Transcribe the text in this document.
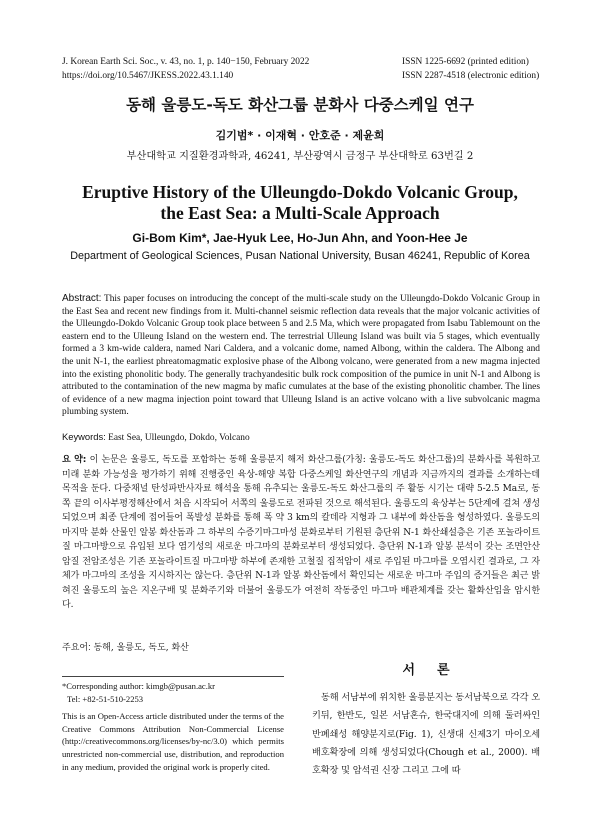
J. Korean Earth Sci. Soc., v. 43, no. 1, p. 140−150, February 2022
https://doi.org/10.5467/JKESS.2022.43.1.140
ISSN 1225-6692 (printed edition)
ISSN 2287-4518 (electronic edition)
동해 울릉도-독도 화산그룹 분화사 다중스케일 연구
김기범* · 이재혁 · 안호준 · 제윤희
부산대학교 지질환경과학과, 46241, 부산광역시 금정구 부산대학로 63번길 2
Eruptive History of the Ulleungdo-Dokdo Volcanic Group,
the East Sea: a Multi-Scale Approach
Gi-Bom Kim*, Jae-Hyuk Lee, Ho-Jun Ahn, and Yoon-Hee Je
Department of Geological Sciences, Pusan National University, Busan 46241, Republic of Korea
Abstract: This paper focuses on introducing the concept of the multi-scale study on the Ulleungdo-Dokdo Volcanic Group in the East Sea and recent new findings from it. Multi-channel seismic reflection data reveals that the major volcanic activities of the Ulleungdo-Dokdo Volcanic Group took place between 5 and 2.5 Ma, which were propagated from Isabu Tablemount on the eastern end to the Ulleung Island on the western end. The terrestrial Ulleung Island was built via 5 stages, which eventually formed a 3 km-wide caldera, named Nari Caldera, and a volcanic dome, named Albong, within the caldera. The Albong and the unit N-1, the earliest phreatomagmatic explosive phase of the Albong volcano, were generated from a new magma injected into the existing phonolitic body. The generally trachyandesitic bulk rock composition of the pumice in unit N-1 and Albong is attributed to the contamination of the new magma by mafic cumulates at the base of the existing phonolitic chamber. The lines of evidence of a new magma injection point toward that Ulleung Island is an active volcano with a live subvolcanic magma plumbing system.
Keywords: East Sea, Ulleungdo, Dokdo, Volcano
요 약: 이 논문은 울릉도, 독도를 포함하는 동해 울릉분지 해저 화산그룹(가칭: 울릉도-독도 화산그룹)의 분화사를 복원하고 미래 분화 가능성을 평가하기 위해 진행중인 육상-해양 복합 다중스케일 화산연구의 개념과 지금까지의 결과를 소개하는데 목적을 둔다. 다중채널 탄성파반사자료 해석을 통해 유추되는 울릉도-독도 화산그룹의 주 활동 시기는 대략 5-2.5 Ma로, 동쪽 끝의 이사부평정해산에서 처음 시작되어 서쪽의 울릉도로 전파된 것으로 해석된다. 울릉도의 육상부는 5단계에 걸쳐 생성되었으며 최종 단계에 접어들어 폭발성 분화를 통해 폭 약 3 km의 칼데라 지형과 그 내부에 화산돔을 형성하였다. 울릉도의 마지막 분화 산물인 알봉 화산돔과 그 하부의 수증기마그마성 분화로부터 기원된 층단위 N-1 화산쇄설층은 기존 포놀라이트질 마그마방으로 유입된 보다 염기성의 새로운 마그마의 분화로부터 생성되었다. 층단위 N-1과 알봉 분석이 갖는 조면안산암질 전암조성은 기존 포놀라이트질 마그마방 하부에 존재한 고철질 집적암이 새로 주입된 마그마를 오염시킨 결과로, 그 자체가 마그마의 조성을 지시하지는 않는다. 층단위 N-1과 알봉 화산돔에서 확인되는 새로운 마그마 주입의 증거들은 최근 밝혀진 울릉도의 높은 지온구배 및 분화주기와 더불어 울릉도가 여전히 작동중인 마그마 배관체계를 갖는 활화산임을 암시한다.
주요어: 동해, 울릉도, 독도, 화산
*Corresponding author: kimgb@pusan.ac.kr
Tel: +82-51-510-2253
This is an Open-Access article distributed under the terms of the Creative Commons Attribution Non-Commercial License (http://creativecommons.org/licenses/by-nc/3.0) which permits unrestricted non-commercial use, distribution, and reproduction in any medium, provided the original work is properly cited.
서론
동해 서남부에 위치한 울릉분지는 동서남북으로 각각 오키뒤, 한반도, 일본 서남혼슈, 한국대지에 의해 둘러싸인 반폐쇄성 해양분지로(Fig. 1), 신생대 신제3기 마이오세 배호확장에 의해 생성되었다(Chough et al., 2000). 배호확장 및 암석권 신장 그리고 그에 따
